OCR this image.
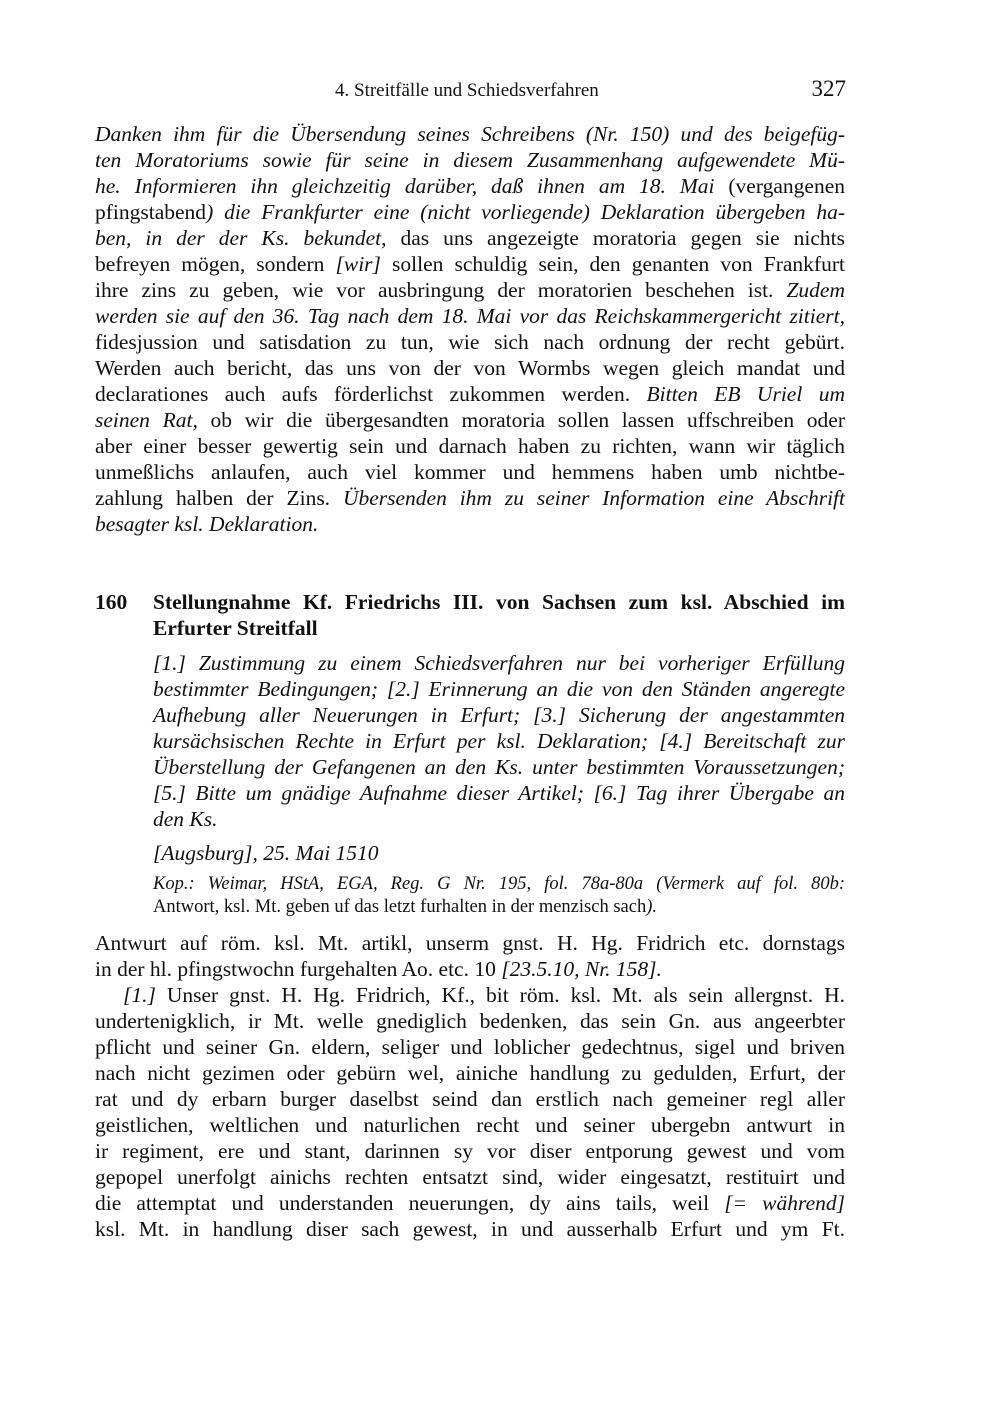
4. Streitfälle und Schiedsverfahren	327
Danken ihm für die Übersendung seines Schreibens (Nr. 150) und des beigefüg-
ten Moratoriums sowie für seine in diesem Zusammenhang aufgewendete Mü-
he. Informieren ihn gleichzeitig darüber, daß ihnen am 18. Mai (vergangenen
pfingstabend) die Frankfurter eine (nicht vorliegende) Deklaration übergeben ha-
ben, in der der Ks. bekundet, das uns angezeigte moratoria gegen sie nichts
befreyen mögen, sondern [wir] sollen schuldig sein, den genanten von Frankfurt
ihre zins zu geben, wie vor ausbringung der moratorien beschehen ist. Zudem
werden sie auf den 36. Tag nach dem 18. Mai vor das Reichskammergericht zitiert,
fidesjussion und satisdation zu tun, wie sich nach ordnung der recht gebürt.
Werden auch bericht, das uns von der von Wormbs wegen gleich mandat und
declarationes auch aufs förderlichst zukommen werden. Bitten EB Uriel um
seinen Rat, ob wir die übergesandten moratoria sollen lassen uffschreiben oder
aber einer besser gewertig sein und darnach haben zu richten, wann wir täglich
unmeßlichs anlaufen, auch viel kommer und hemmens haben umb nichtbe-
zahlung halben der Zins. Übersenden ihm zu seiner Information eine Abschrift
besagter ksl. Deklaration.
160 Stellungnahme Kf. Friedrichs III. von Sachsen zum ksl. Abschied im
Erfurter Streitfall
[1.] Zustimmung zu einem Schiedsverfahren nur bei vorheriger Erfüllung
bestimmter Bedingungen; [2.] Erinnerung an die von den Ständen angeregte
Aufhebung aller Neuerungen in Erfurt; [3.] Sicherung der angestammten
kursächsischen Rechte in Erfurt per ksl. Deklaration; [4.] Bereitschaft zur
Überstellung der Gefangenen an den Ks. unter bestimmten Voraussetzungen;
[5.] Bitte um gnädige Aufnahme dieser Artikel; [6.] Tag ihrer Übergabe an
den Ks.
[Augsburg], 25. Mai 1510
Kop.: Weimar, HStA, EGA, Reg. G Nr. 195, fol. 78a-80a (Vermerk auf fol. 80b:
Antwort, ksl. Mt. geben uf das letzt furhalten in der menzisch sach).
Antwurt auf röm. ksl. Mt. artikl, unserm gnst. H. Hg. Fridrich etc. dornstags
in der hl. pfingstwochn furgehalten Ao. etc. 10 [23.5.10, Nr. 158].
[1.] Unser gnst. H. Hg. Fridrich, Kf., bit röm. ksl. Mt. als sein allergnst. H.
undertenigklich, ir Mt. welle gnediglich bedenken, das sein Gn. aus angeerbter
pflicht und seiner Gn. eldern, seliger und loblicher gedechtnus, sigel und briven
nach nicht gezimen oder gebürn wel, ainiche handlung zu gedulden, Erfurt, der
rat und dy erbarn burger daselbst seind dan erstlich nach gemeiner regl aller
geistlichen, weltlichen und naturlichen recht und seiner ubergebn antwurt in
ir regiment, ere und stant, darinnen sy vor diser entporung gewest und vom
gepopel unerfolgt ainichs rechten entsatzt sind, wider eingesatzt, restituirt und
die attemptat und understanden neuerungen, dy ains tails, weil [= während]
ksl. Mt. in handlung diser sach gewest, in und ausserhalb Erfurt und ym Ft.
